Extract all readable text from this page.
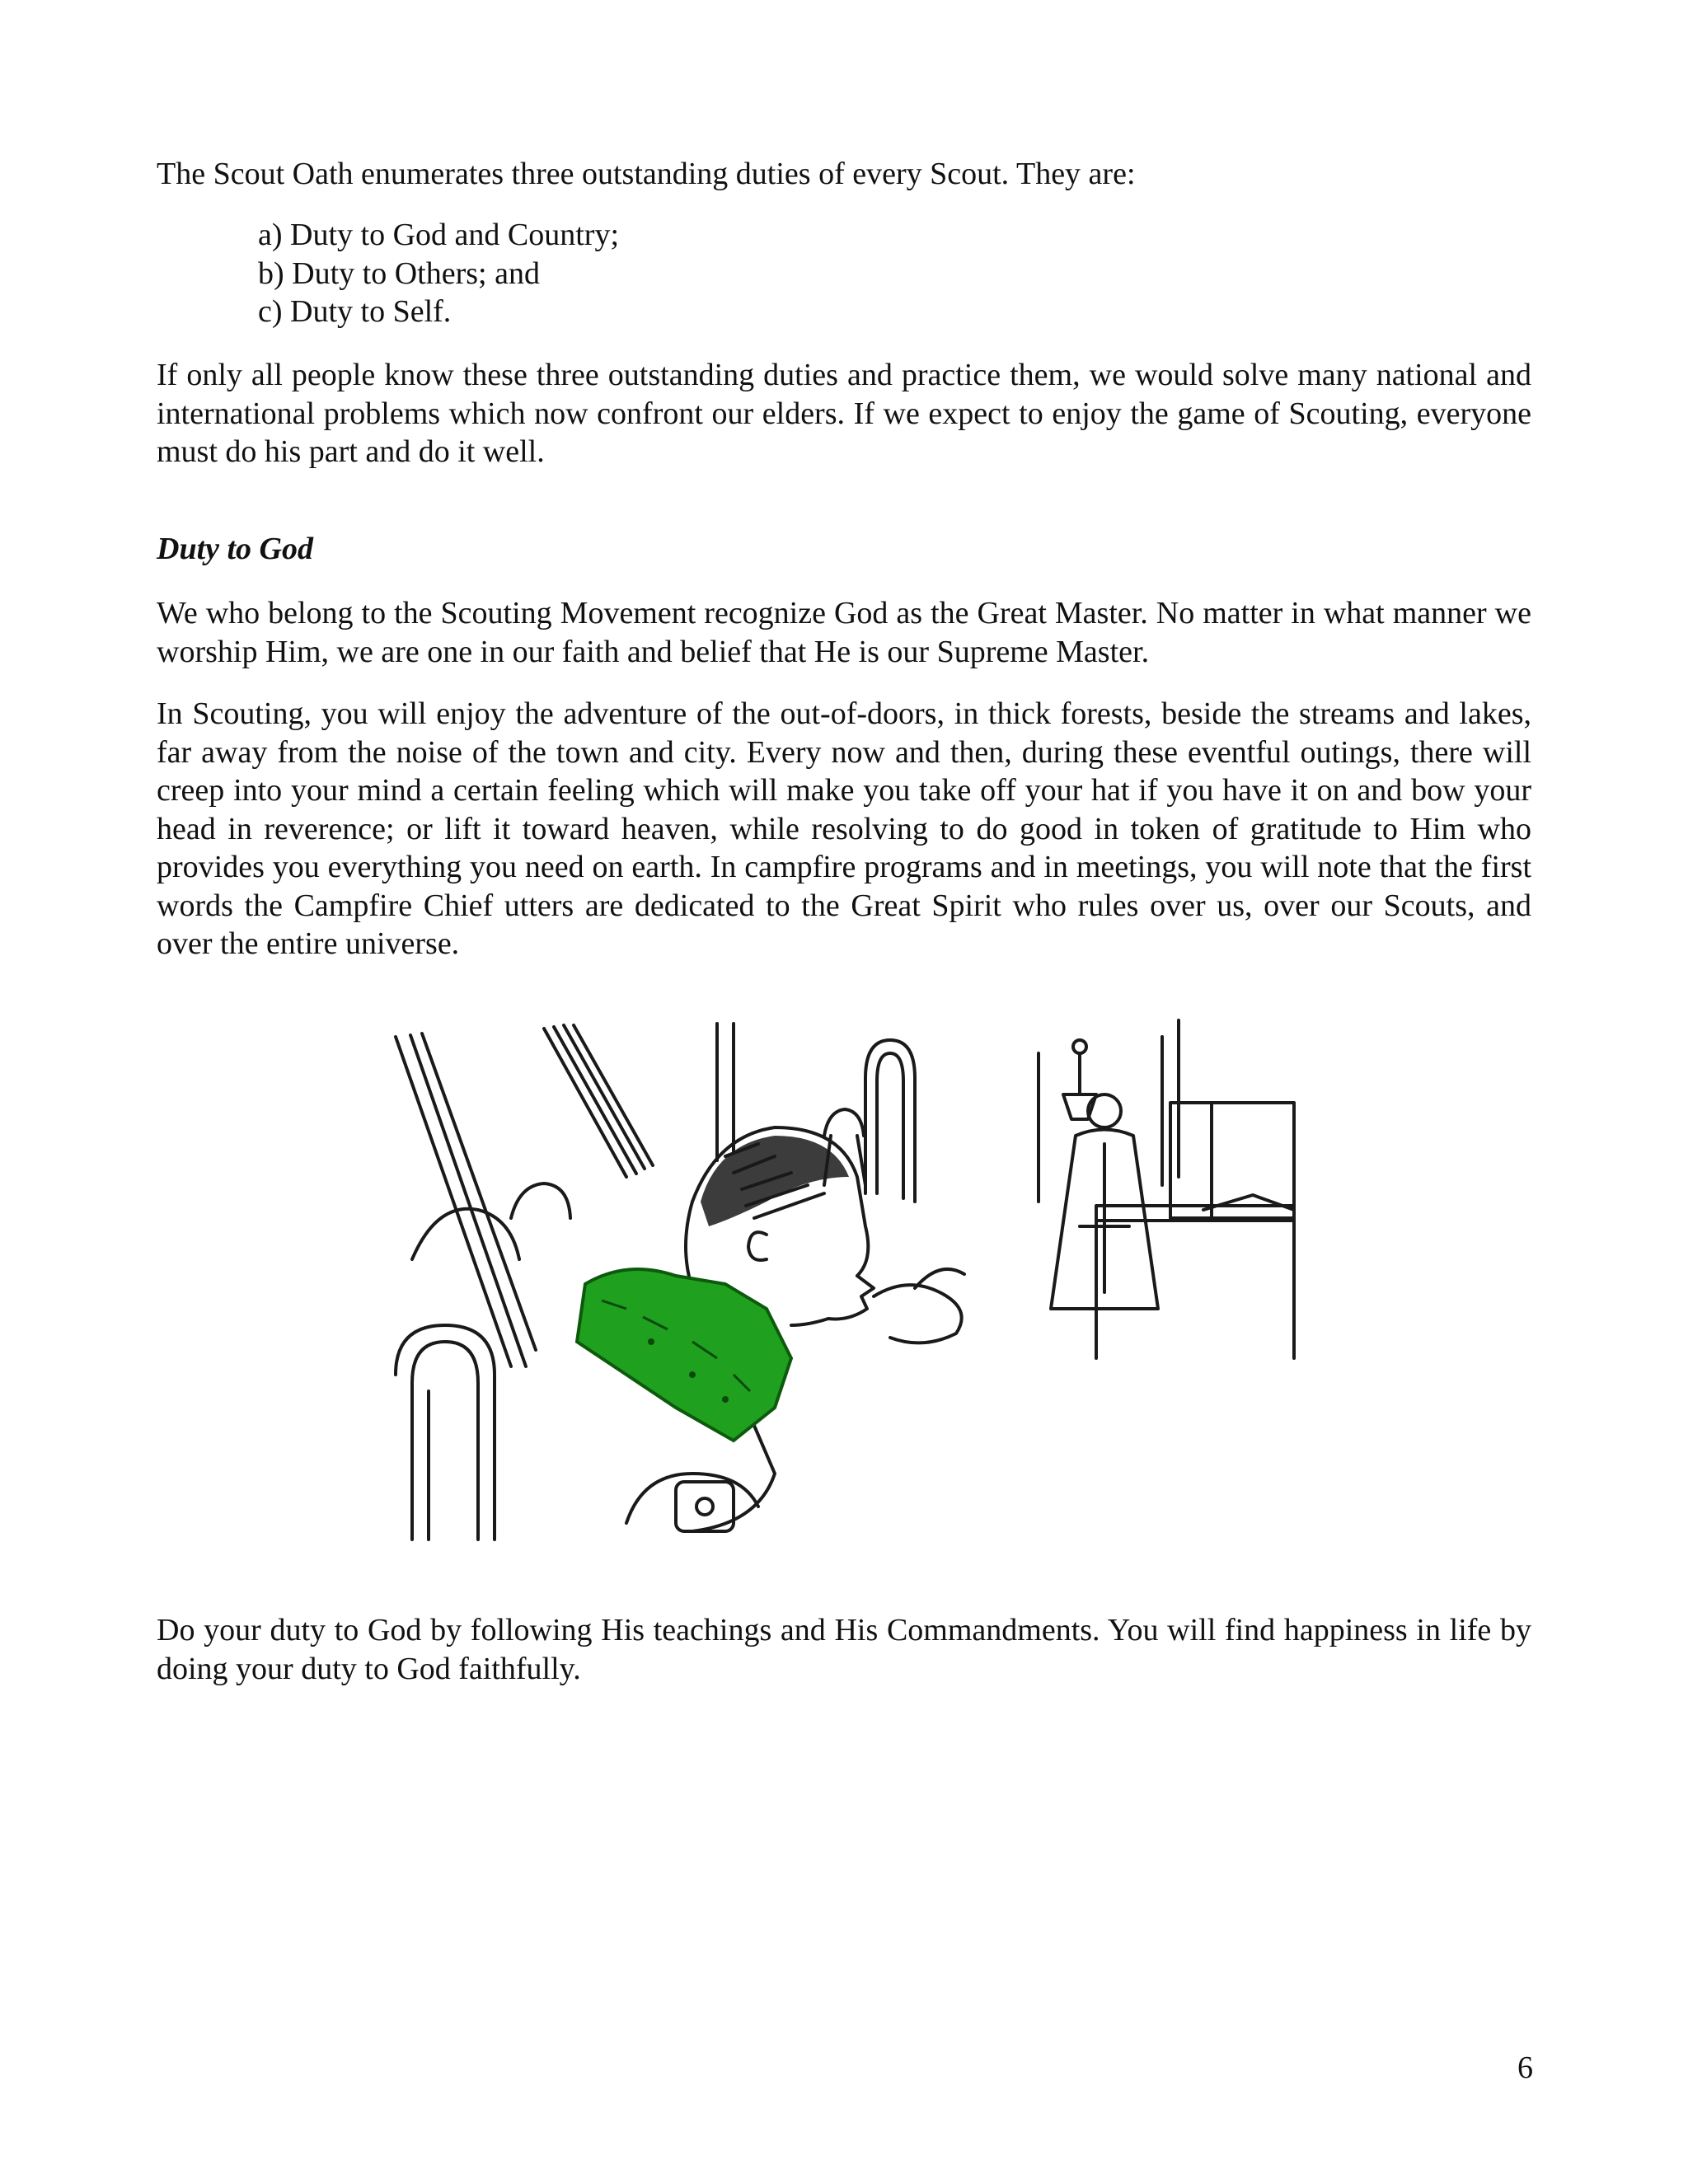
The Scout Oath enumerates three outstanding duties of every Scout. They are:

a) Duty to God and Country;
b) Duty to Others; and
c) Duty to Self.

If only all people know these three outstanding duties and practice them, we would solve many national and international problems which now confront our elders. If we expect to enjoy the game of Scouting, everyone must do his part and do it well.

Duty to God

We who belong to the Scouting Movement recognize God as the Great Master. No matter in what manner we worship Him, we are one in our faith and belief that He is our Supreme Master.

In Scouting, you will enjoy the adventure of the out-of-doors, in thick forests, beside the streams and lakes, far away from the noise of the town and city. Every now and then, during these eventful outings, there will creep into your mind a certain feeling which will make you take off your hat if you have it on and bow your head in reverence; or lift it toward heaven, while resolving to do good in token of gratitude to Him who provides you everything you need on earth. In campfire programs and in meetings, you will note that the first words the Campfire Chief utters are dedicated to the Great Spirit who rules over us, over our Scouts, and over the entire universe.

Do your duty to God by following His teachings and His Commandments. You will find happiness in life by doing your duty to God faithfully.

6
